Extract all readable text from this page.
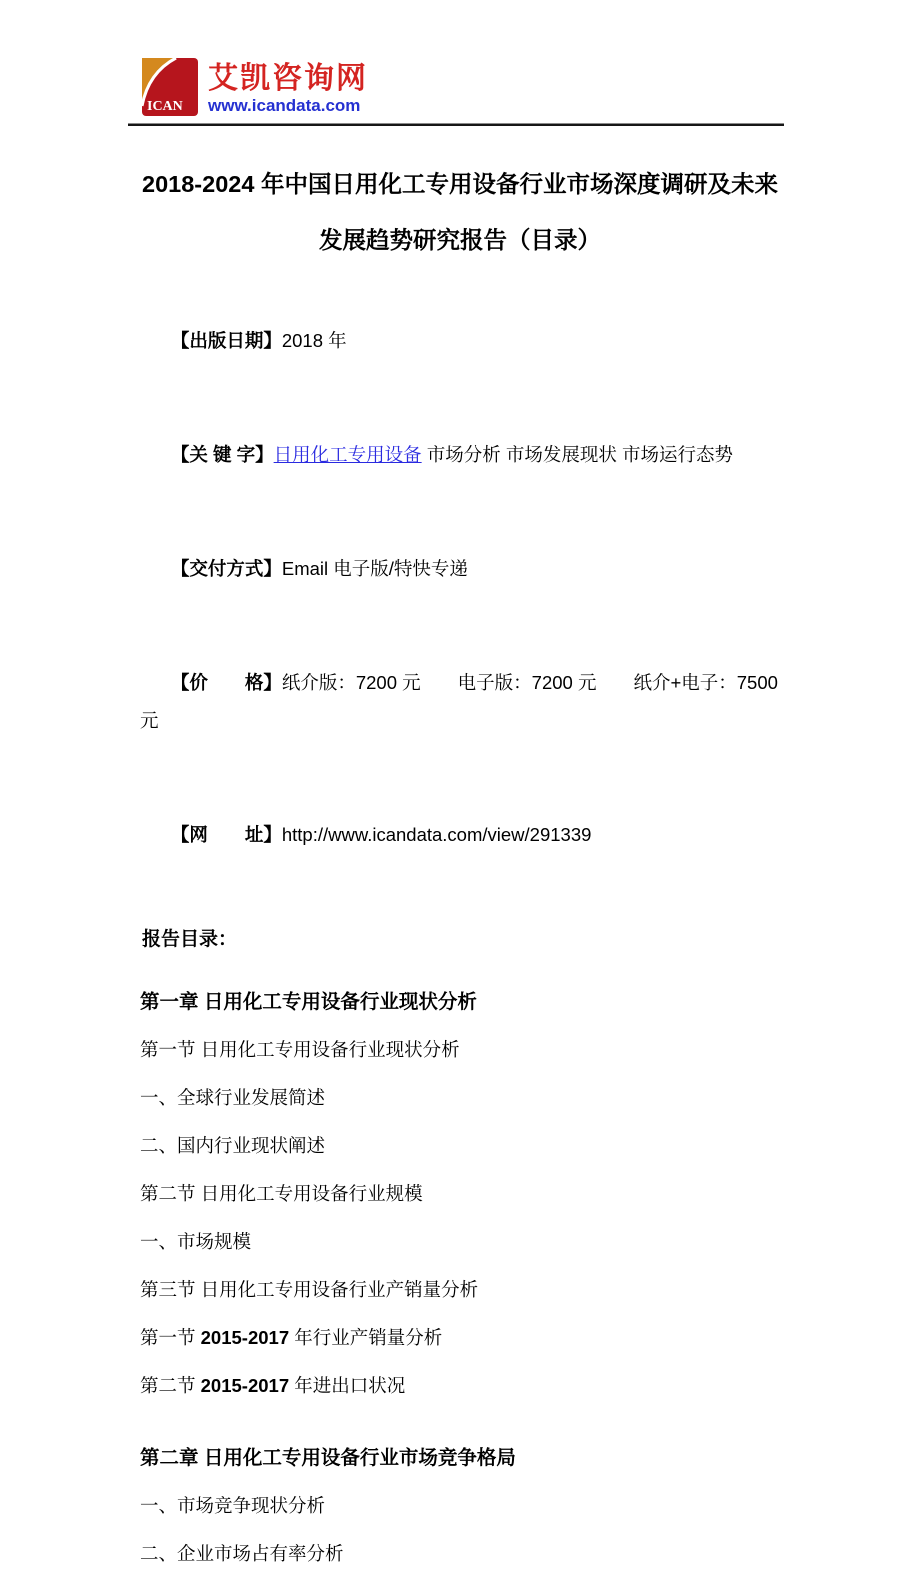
ICAN
艾凯咨询网
www.icandata.com
2018-2024 年中国日用化工专用设备行业市场深度调研及未来
发展趋势研究报告（目录）

【出版日期】2018 年

【关 键 字】日用化工专用设备 市场分析 市场发展现状 市场运行态势

【交付方式】Email 电子版/特快专递

【价　　格】纸介版：7200 元　　电子版：7200 元　　纸介+电子：7500 元

【网　　址】http://www.icandata.com/view/291339

报告目录：
第一章 日用化工专用设备行业现状分析
第一节 日用化工专用设备行业现状分析
一、全球行业发展简述
二、国内行业现状阐述
第二节 日用化工专用设备行业规模
一、市场规模
第三节 日用化工专用设备行业产销量分析
第一节 2015-2017 年行业产销量分析
第二节 2015-2017 年进出口状况
第二章 日用化工专用设备行业市场竞争格局
一、市场竞争现状分析
二、企业市场占有率分析
